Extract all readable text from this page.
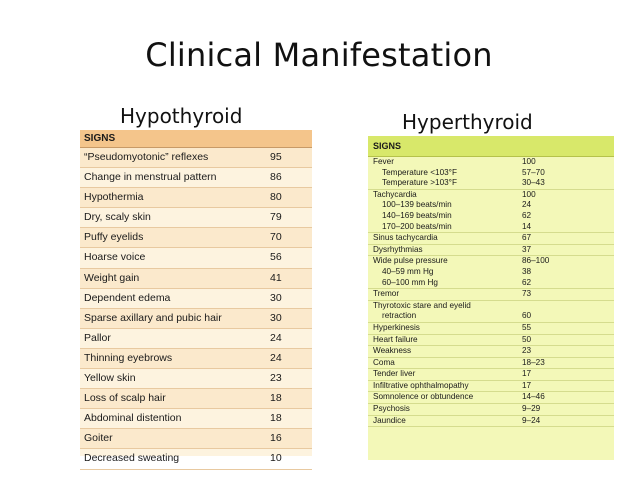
Clinical Manifestation
Hypothyroid	Hyperthyroid
SIGNS
“Pseudomyotonic” reflexes	95
Change in menstrual pattern	86
Hypothermia	80
Dry, scaly skin	79
Puffy eyelids	70
Hoarse voice	56
Weight gain	41
Dependent edema	30
Sparse axillary and pubic hair	30
Pallor	24
Thinning eyebrows	24
Yellow skin	23
Loss of scalp hair	18
Abdominal distention	18
Goiter	16
Decreased sweating	10
SIGNS
Fever	100
Temperature <103°F	57–70
Temperature >103°F	30–43
Tachycardia	100
100–139 beats/min	24
140–169 beats/min	62
170–200 beats/min	14
Sinus tachycardia	67
Dysrhythmias	37
Wide pulse pressure	86–100
40–59 mm Hg	38
60–100 mm Hg	62
Tremor	73
Thyrotoxic stare and eyelid
retraction	60
Hyperkinesis	55
Heart failure	50
Weakness	23
Coma	18–23
Tender liver	17
Infiltrative ophthalmopathy	17
Somnolence or obtundence	14–46
Psychosis	9–29
Jaundice	9–24
